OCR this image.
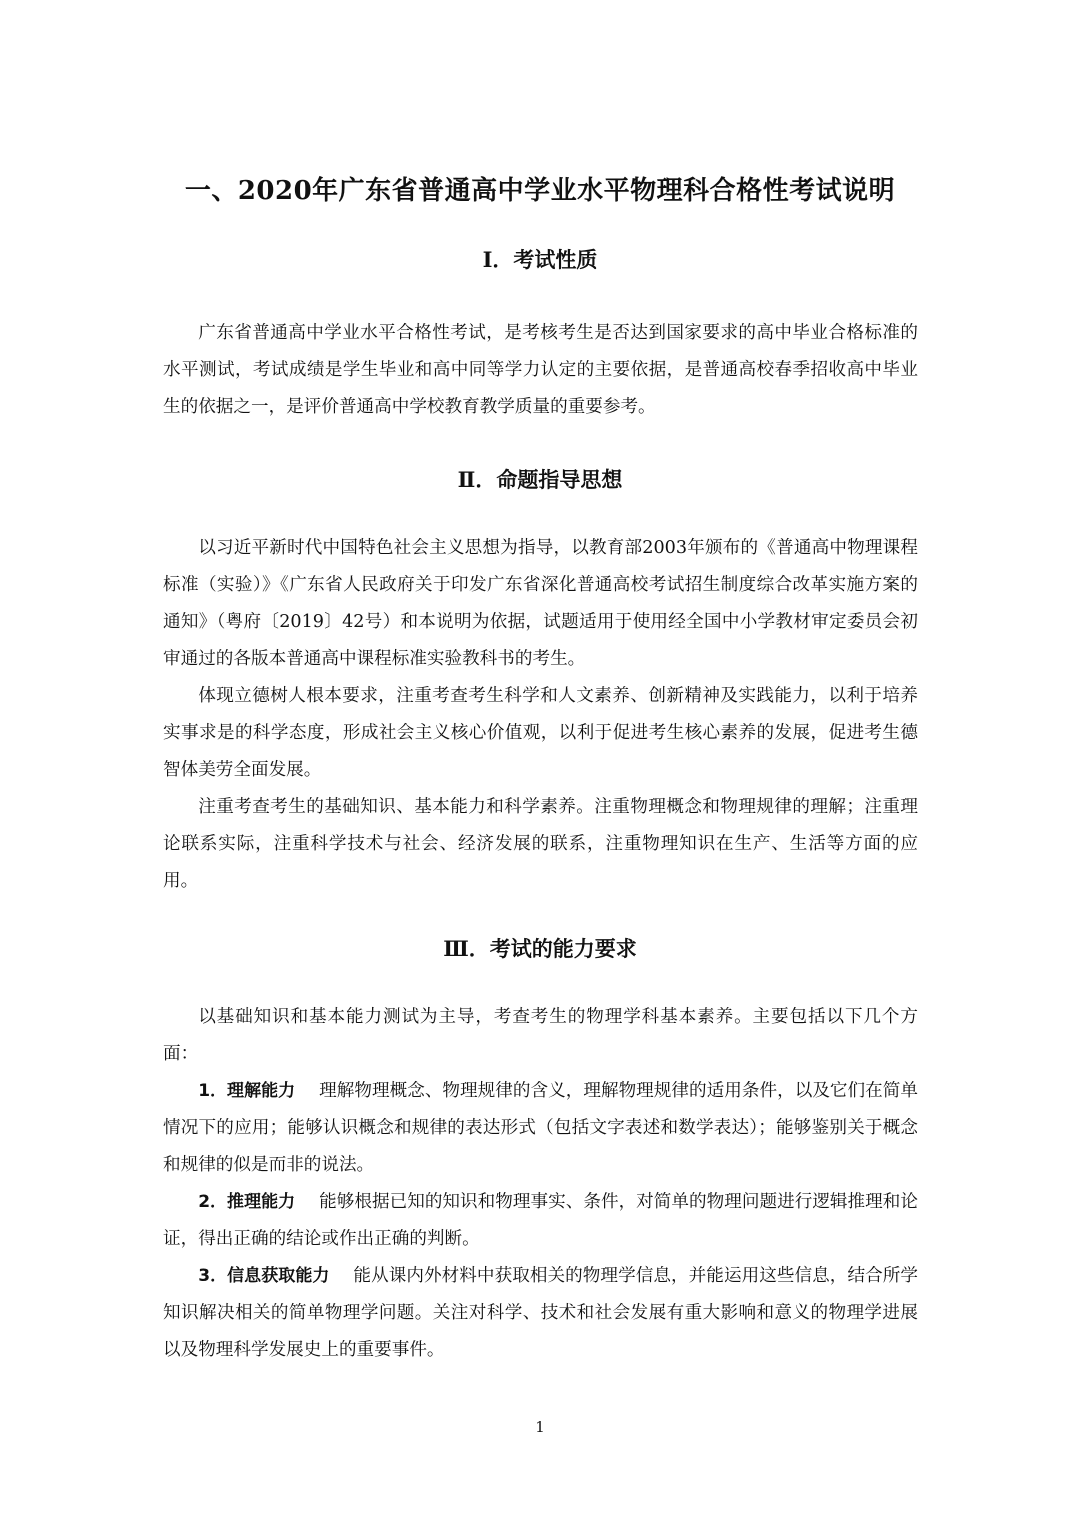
一、2020年广东省普通高中学业水平物理科合格性考试说明
Ⅰ．考试性质

广东省普通高中学业水平合格性考试，是考核考生是否达到国家要求的高中毕业合格标准的水平测试，考试成绩是学生毕业和高中同等学力认定的主要依据，是普通高校春季招收高中毕业生的依据之一，是评价普通高中学校教育教学质量的重要参考。

Ⅱ．命题指导思想

以习近平新时代中国特色社会主义思想为指导，以教育部2003年颁布的《普通高中物理课程标准（实验）》《广东省人民政府关于印发广东省深化普通高校考试招生制度综合改革实施方案的通知》（粤府〔2019〕42号）和本说明为依据，试题适用于使用经全国中小学教材审定委员会初审通过的各版本普通高中课程标准实验教科书的考生。

体现立德树人根本要求，注重考查考生科学和人文素养、创新精神及实践能力，以利于培养实事求是的科学态度，形成社会主义核心价值观，以利于促进考生核心素养的发展，促进考生德智体美劳全面发展。

注重考查考生的基础知识、基本能力和科学素养。注重物理概念和物理规律的理解；注重理论联系实际，注重科学技术与社会、经济发展的联系，注重物理知识在生产、生活等方面的应用。

Ⅲ．考试的能力要求

以基础知识和基本能力测试为主导，考查考生的物理学科基本素养。主要包括以下几个方面：

1．理解能力 理解物理概念、物理规律的含义，理解物理规律的适用条件，以及它们在简单情况下的应用；能够认识概念和规律的表达形式（包括文字表述和数学表达）；能够鉴别关于概念和规律的似是而非的说法。

2．推理能力 能够根据已知的知识和物理事实、条件，对简单的物理问题进行逻辑推理和论证，得出正确的结论或作出正确的判断。

3．信息获取能力 能从课内外材料中获取相关的物理学信息，并能运用这些信息，结合所学知识解决相关的简单物理学问题。关注对科学、技术和社会发展有重大影响和意义的物理学进展以及物理科学发展史上的重要事件。

1
